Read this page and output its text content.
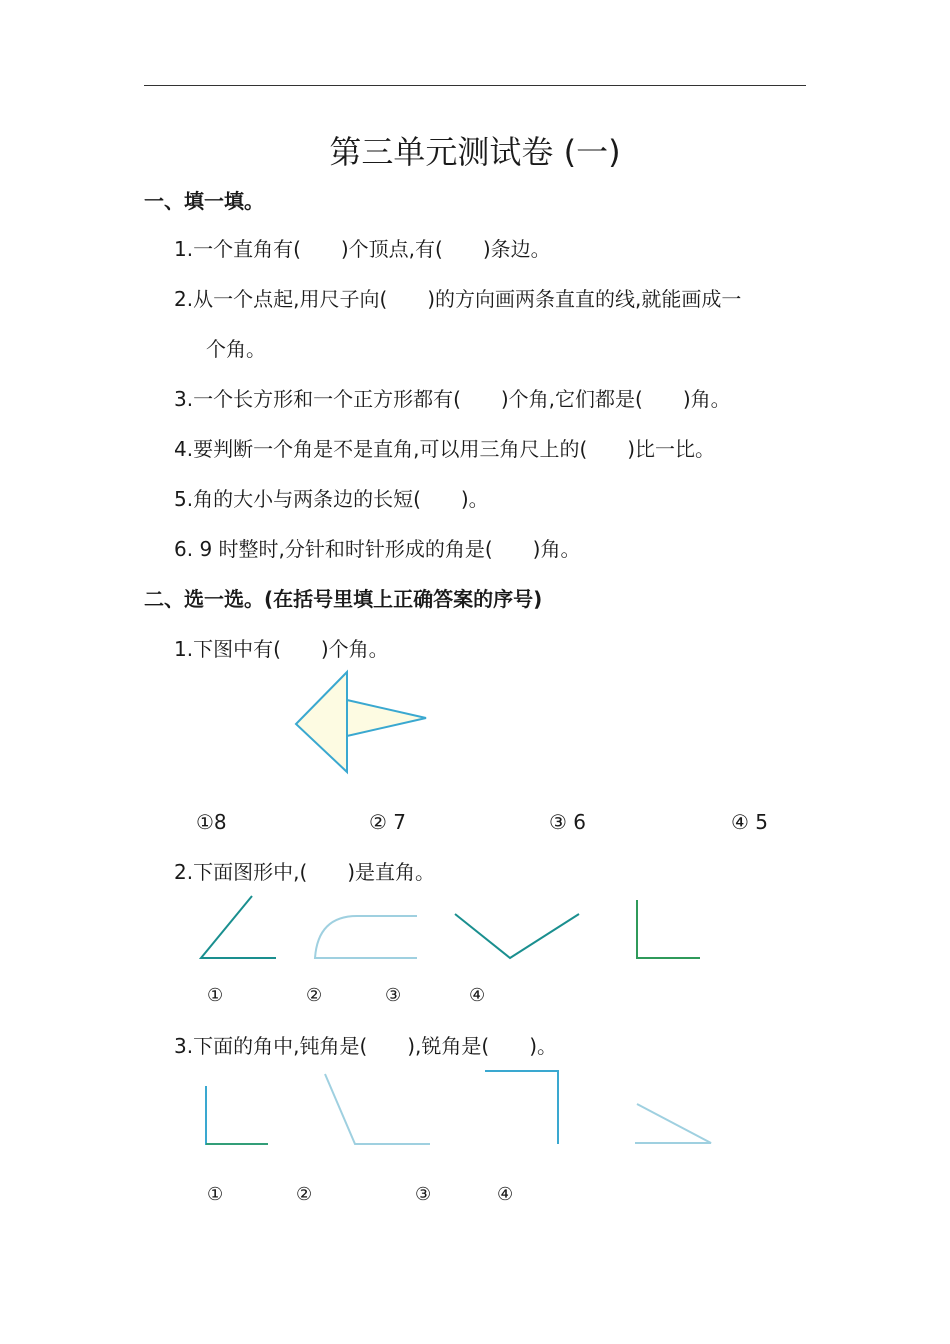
第三单元测试卷 (一)
一、填一填。
1.一个直角有(　　)个顶点,有(　　)条边。
2.从一个点起,用尺子向(　　)的方向画两条直直的线,就能画成一
个角。
3.一个长方形和一个正方形都有(　　)个角,它们都是(　　)角。
4.要判断一个角是不是直角,可以用三角尺上的(　　)比一比。
5.角的大小与两条边的长短(　　)。
6. 9 时整时,分针和时针形成的角是(　　)角。
二、选一选。(在括号里填上正确答案的序号)
1.下图中有(　　)个角。
①8	② 7	③ 6	④ 5
2.下面图形中,(　　)是直角。
①	②	③	④
3.下面的角中,钝角是(　　),锐角是(　　)。
①	②	③	④
